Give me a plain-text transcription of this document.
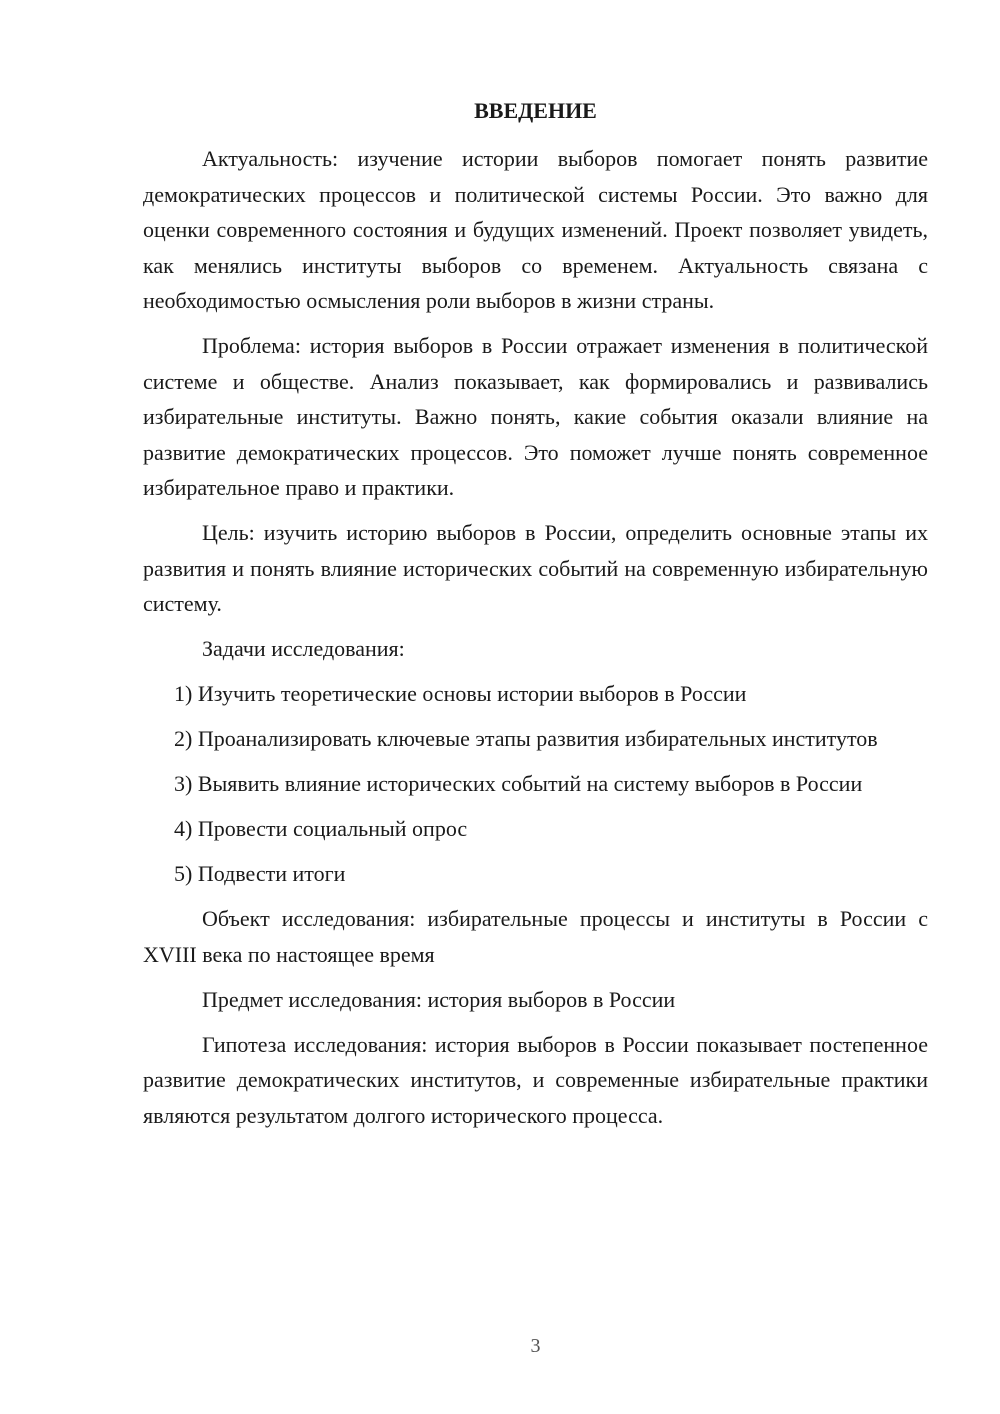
ВВЕДЕНИЕ

Актуальность: изучение истории выборов помогает понять развитие демократических процессов и политической системы России. Это важно для оценки современного состояния и будущих изменений. Проект позволяет увидеть, как менялись институты выборов со временем. Актуальность связана с необходимостью осмысления роли выборов в жизни страны.

Проблема: история выборов в России отражает изменения в политической системе и обществе. Анализ показывает, как формировались и развивались избирательные институты. Важно понять, какие события оказали влияние на развитие демократических процессов. Это поможет лучше понять современное избирательное право и практики.

Цель: изучить историю выборов в России, определить основные этапы их развития и понять влияние исторических событий на современную избирательную систему.

Задачи исследования:

1) Изучить теоретические основы истории выборов в России

2) Проанализировать ключевые этапы развития избирательных институтов

3) Выявить влияние исторических событий на систему выборов в России

4) Провести социальный опрос

5) Подвести итоги

Объект исследования: избирательные процессы и институты в России с XVIII века по настоящее время

Предмет исследования: история выборов в России

Гипотеза исследования: история выборов в России показывает постепенное развитие демократических институтов, и современные избирательные практики являются результатом долгого исторического процесса.

3
